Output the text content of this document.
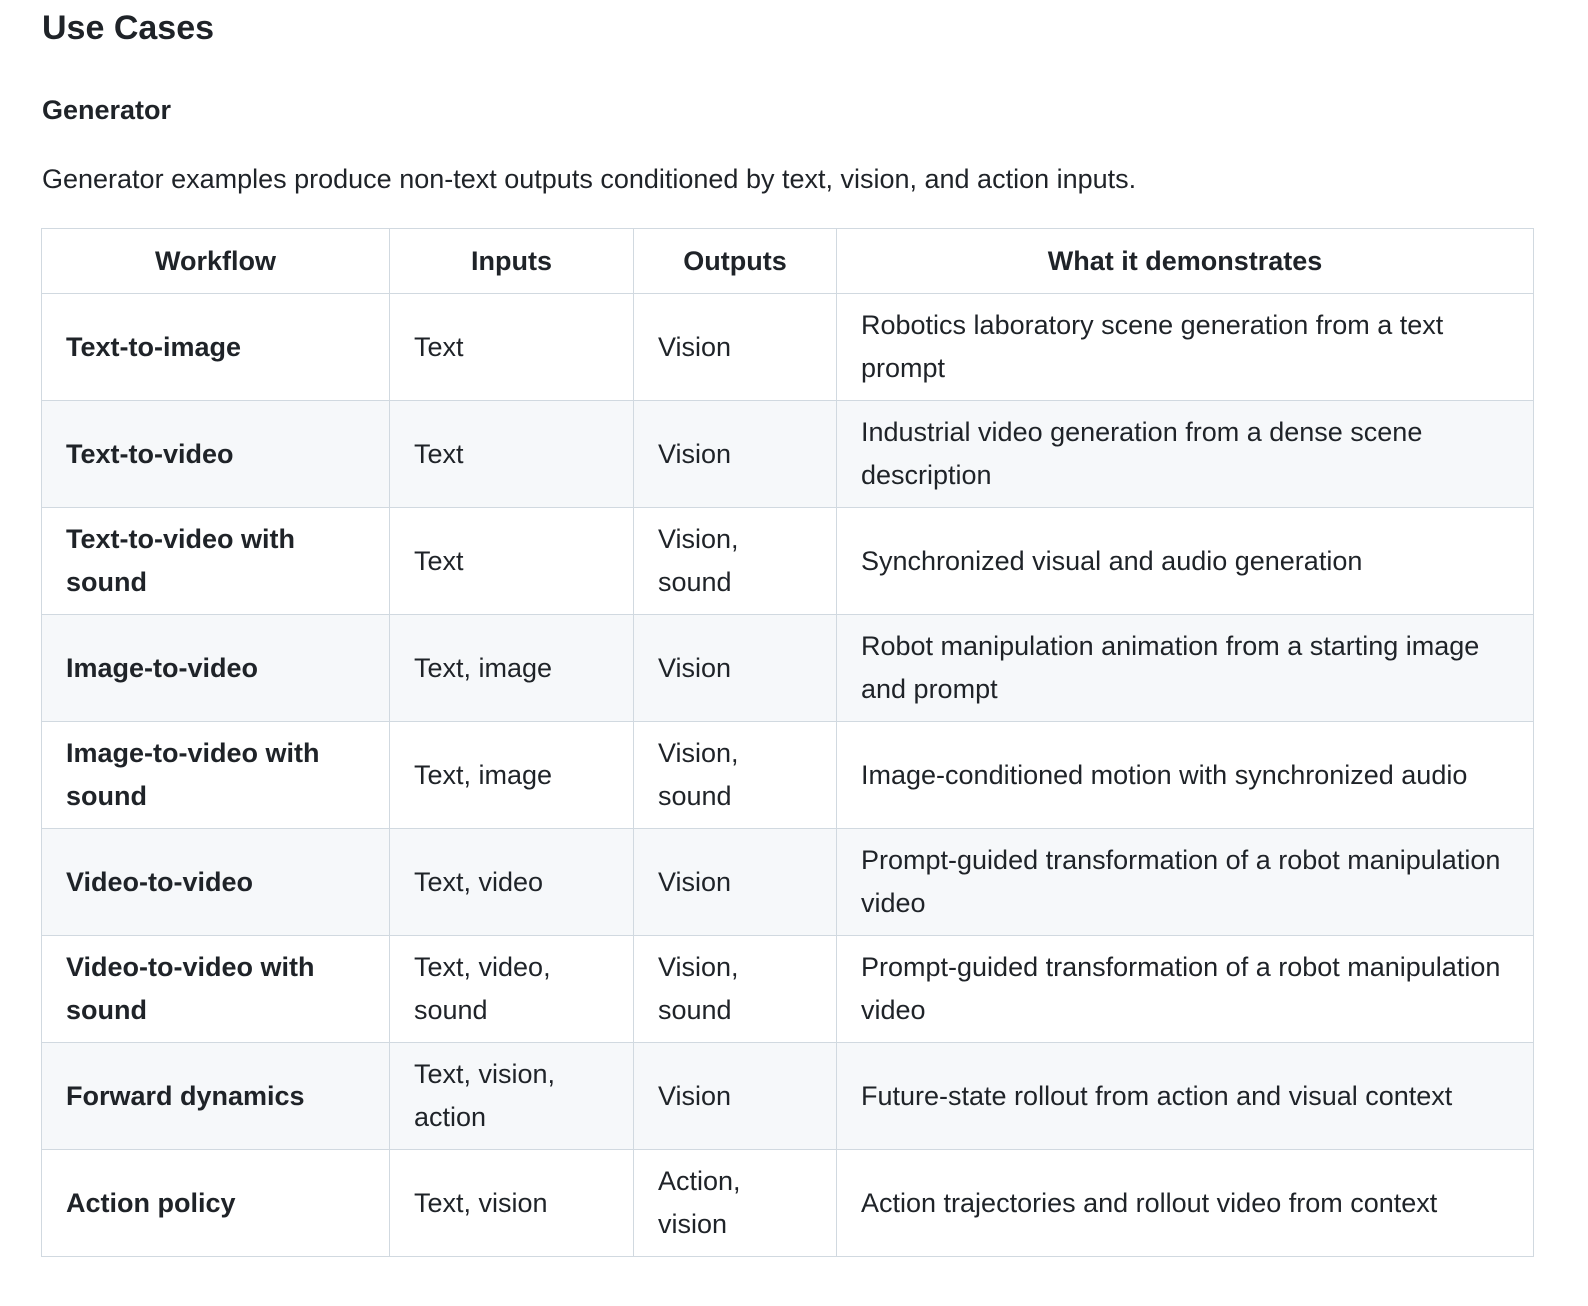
Use Cases
Generator

Generator examples produce non-text outputs conditioned by text, vision, and action inputs.

Workflow	Inputs	Outputs	What it demonstrates
Text-to-image	Text	Vision	Robotics laboratory scene generation from a text prompt
Text-to-video	Text	Vision	Industrial video generation from a dense scene description
Text-to-video with sound	Text	Vision, sound	Synchronized visual and audio generation
Image-to-video	Text, image	Vision	Robot manipulation animation from a starting image and prompt
Image-to-video with sound	Text, image	Vision, sound	Image-conditioned motion with synchronized audio
Video-to-video	Text, video	Vision	Prompt-guided transformation of a robot manipulation video
Video-to-video with sound	Text, video, sound	Vision, sound	Prompt-guided transformation of a robot manipulation video
Forward dynamics	Text, vision, action	Vision	Future-state rollout from action and visual context
Action policy	Text, vision	Action, vision	Action trajectories and rollout video from context
